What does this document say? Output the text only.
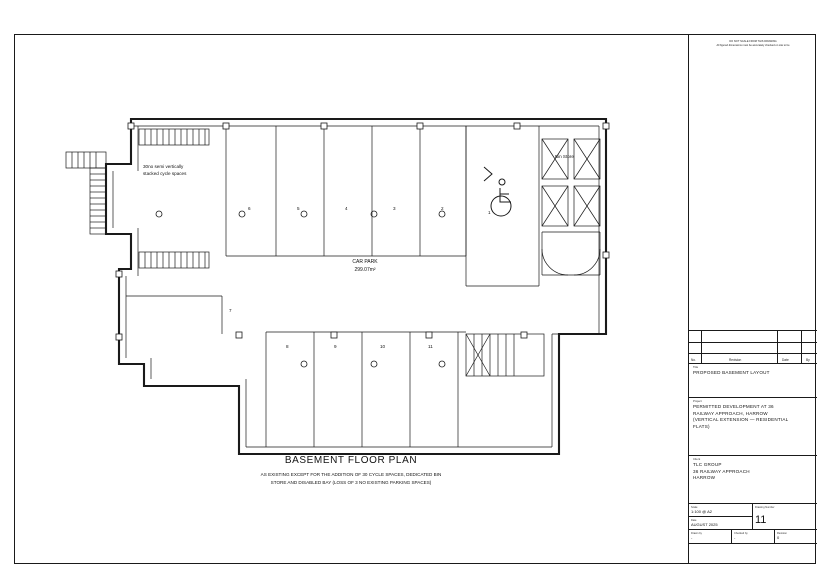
30no semi vertically
stacked cycle spaces
Bin Store
CAR PARK
299.07m²
6	5	4	3	2
1
7
8	9	10	11
BASEMENT FLOOR PLAN
AS EXISTING EXCEPT FOR THE ADDITION OF 30 CYCLE SPACES, DEDICATED BIN
STORE AND DISABLED BAY (LOSS OF 3 NO EXISTING PARKING SPACES)
DO NOT SCALE FROM THIS DRAWING
All figured dimensions must be accurately checked on site to be
No.	Revision	Date	By
Title
PROPOSED BASEMENT LAYOUT
Project
PERMITTED DEVELOPMENT AT 36
RAILWAY APPROACH, HARROW
(VERTICAL EXTENSION — RESIDENTIAL
FLATS)
Client
TLC GROUP
36 RAILWAY APPROACH
HARROW
Scale
1:100 @ A2
Date
AUGUST 2025
Drawing Number
11
Drawn by
-
Checked by
-
Revision
0
